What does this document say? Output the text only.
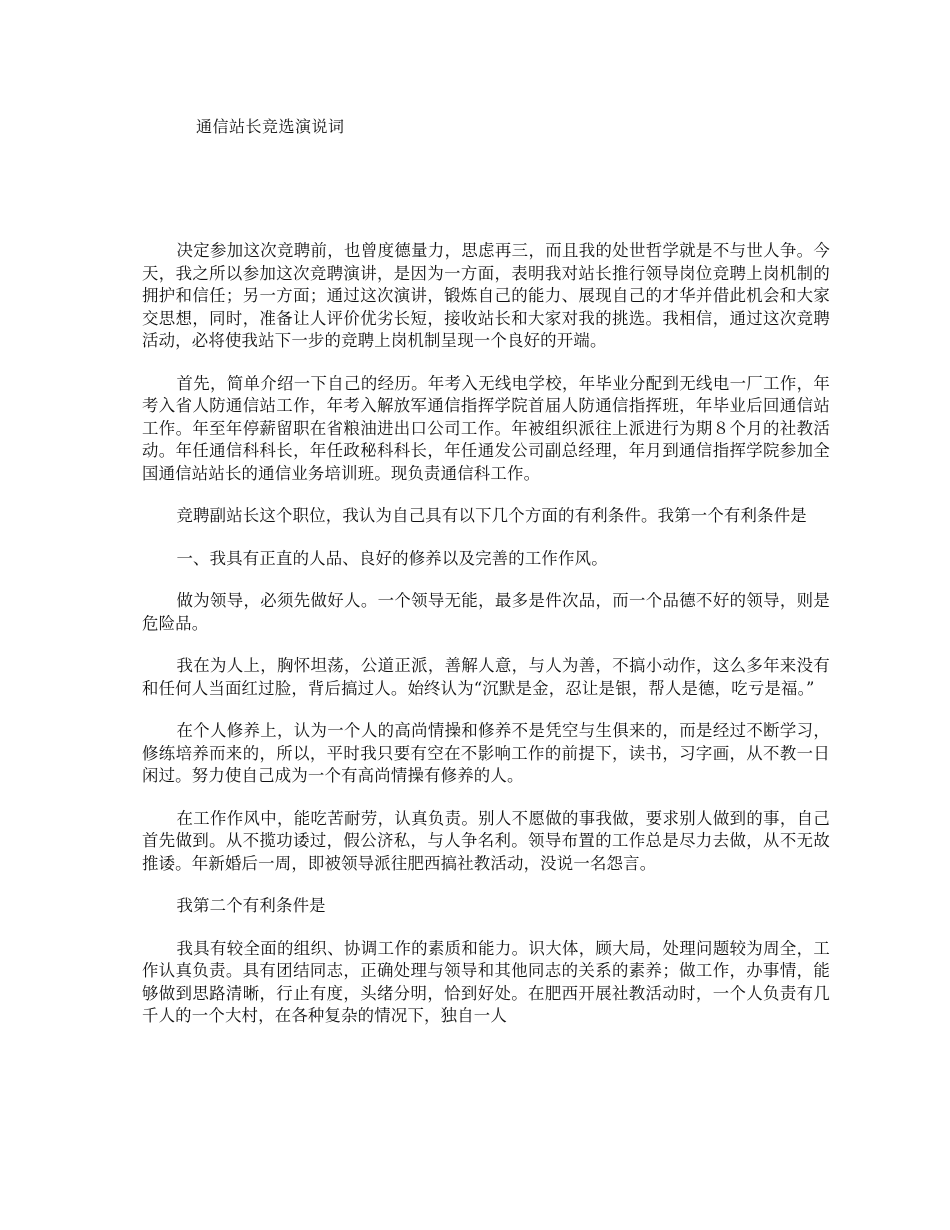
通信站长竞选演说词

决定参加这次竞聘前，也曾度德量力，思虑再三，而且我的处世哲学就是不与世人争。今天，我之所以参加这次竞聘演讲，是因为一方面，表明我对站长推行领导岗位竞聘上岗机制的拥护和信任；另一方面；通过这次演讲，锻炼自己的能力、展现自己的才华并借此机会和大家交思想，同时，准备让人评价优劣长短，接收站长和大家对我的挑选。我相信，通过这次竞聘活动，必将使我站下一步的竞聘上岗机制呈现一个良好的开端。

首先，简单介绍一下自己的经历。年考入无线电学校，年毕业分配到无线电一厂工作，年考入省人防通信站工作，年考入解放军通信指挥学院首届人防通信指挥班，年毕业后回通信站工作。年至年停薪留职在省粮油进出口公司工作。年被组织派往上派进行为期８个月的社教活动。年任通信科科长，年任政秘科科长，年任通发公司副总经理，年月到通信指挥学院参加全国通信站站长的通信业务培训班。现负责通信科工作。

竞聘副站长这个职位，我认为自己具有以下几个方面的有利条件。我第一个有利条件是

一、我具有正直的人品、良好的修养以及完善的工作作风。

做为领导，必须先做好人。一个领导无能，最多是件次品，而一个品德不好的领导，则是危险品。

我在为人上，胸怀坦荡，公道正派，善解人意，与人为善，不搞小动作，这么多年来没有和任何人当面红过脸，背后搞过人。始终认为“沉默是金，忍让是银，帮人是德，吃亏是福。”

在个人修养上，认为一个人的高尚情操和修养不是凭空与生俱来的，而是经过不断学习，修练培养而来的，所以，平时我只要有空在不影响工作的前提下，读书，习字画，从不教一日闲过。努力使自己成为一个有高尚情操有修养的人。

在工作作风中，能吃苦耐劳，认真负责。别人不愿做的事我做，要求别人做到的事，自己首先做到。从不揽功诿过，假公济私，与人争名利。领导布置的工作总是尽力去做，从不无故推诿。年新婚后一周，即被领导派往肥西搞社教活动，没说一名怨言。

我第二个有利条件是

我具有较全面的组织、协调工作的素质和能力。识大体，顾大局，处理问题较为周全，工作认真负责。具有团结同志，正确处理与领导和其他同志的关系的素养；做工作，办事情，能够做到思路清晰，行止有度，头绪分明，恰到好处。在肥西开展社教活动时，一个人负责有几千人的一个大村，在各种复杂的情况下，独自一人
